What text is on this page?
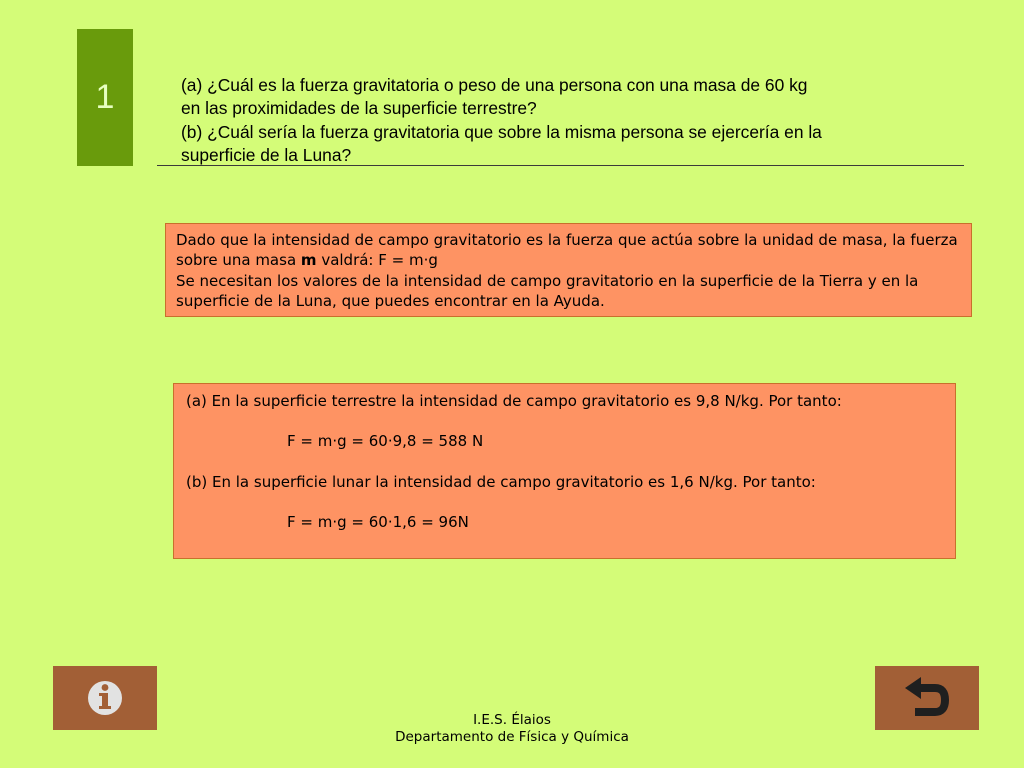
1	(a) ¿Cuál es la fuerza gravitatoria o peso de una persona con una masa de 60 kg

en las proximidades de la superficie terrestre?

(b) ¿Cuál sería la fuerza gravitatoria que sobre la misma persona se ejercería en la

superficie de la Luna?

Dado que la intensidad de campo gravitatorio es la fuerza que actúa sobre la unidad de masa, la fuerza sobre una masa m valdrá: F = m·g

Se necesitan los valores de la intensidad de campo gravitatorio en la superficie de la Tierra y en la superficie de la Luna, que puedes encontrar en la Ayuda.

(a) En la superficie terrestre la intensidad de campo gravitatorio es 9,8 N/kg. Por tanto:
F = m·g = 60·9,8 = 588 N
(b) En la superficie lunar la intensidad de campo gravitatorio es 1,6 N/kg. Por tanto:
F = m·g = 60·1,6 = 96N
I.E.S. Élaios
Departamento de Física y Química
